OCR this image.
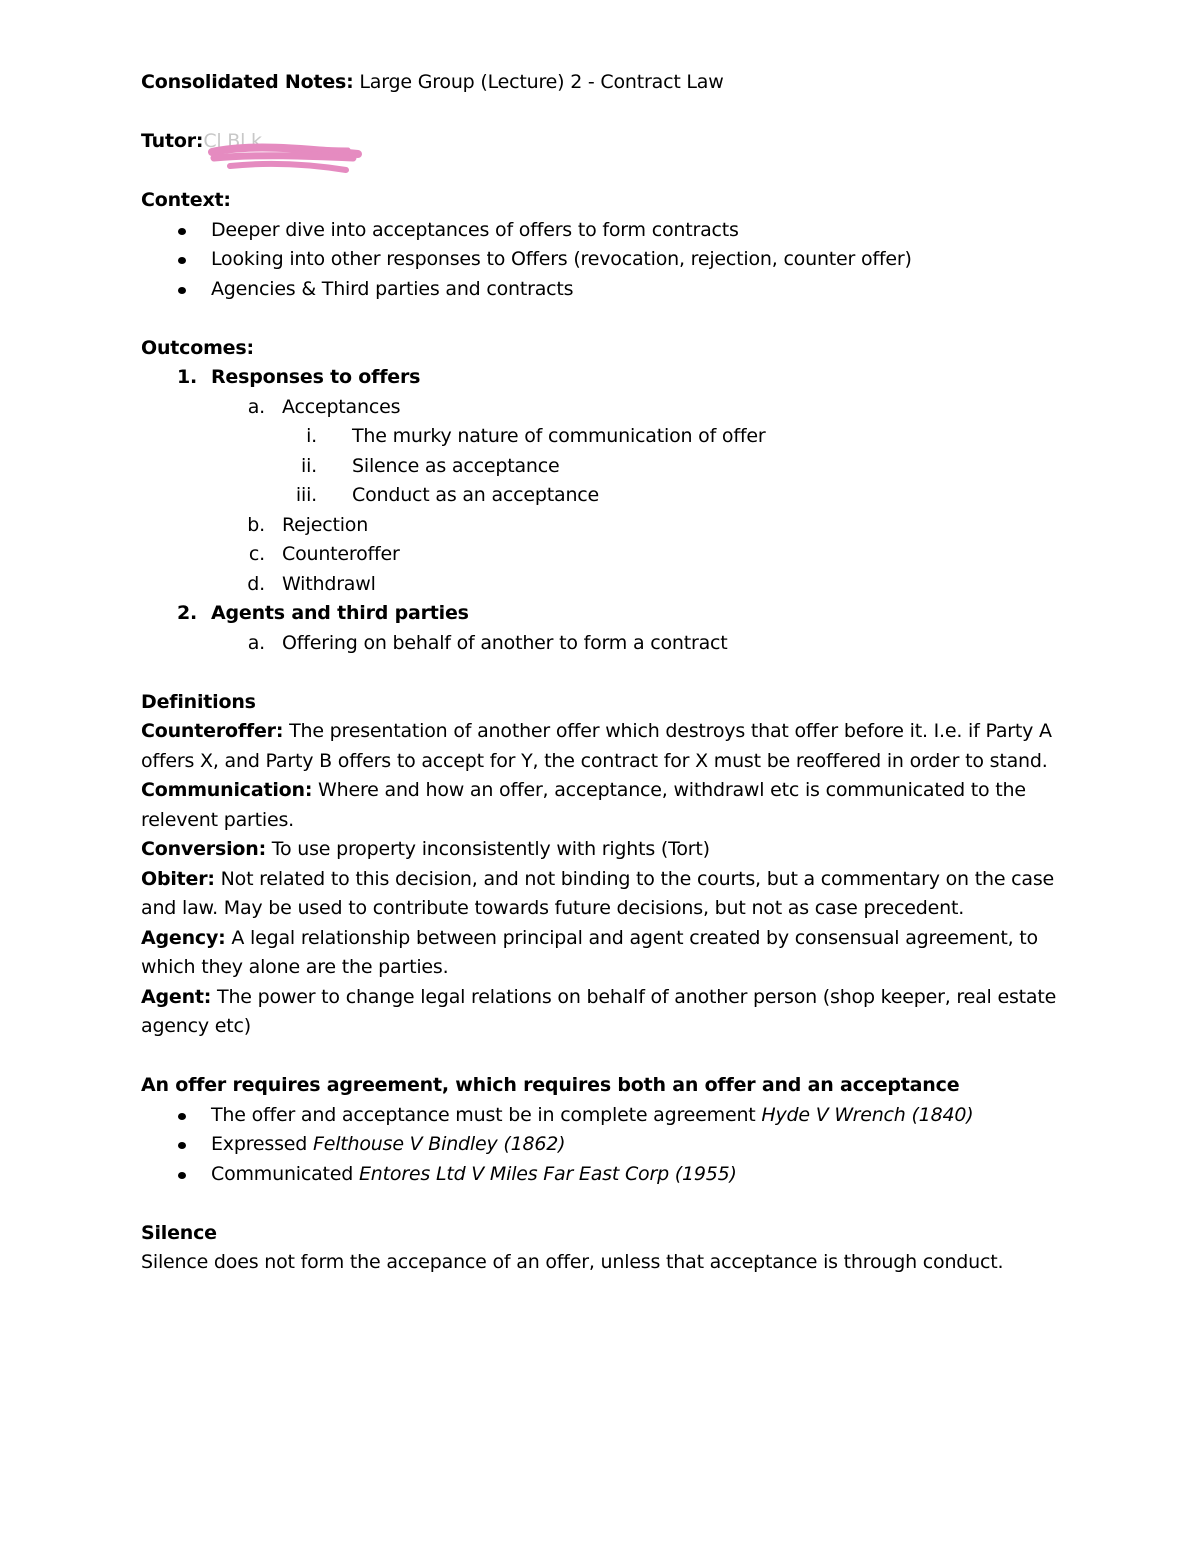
Consolidated Notes: Large Group (Lecture) 2 - Contract Law
Tutor:Cl Bl k
Context:
Deeper dive into acceptances of offers to form contracts
Looking into other responses to Offers (revocation, rejection, counter offer)
Agencies & Third parties and contracts
Outcomes:
1. Responses to offers
a. Acceptances
i. The murky nature of communication of offer
ii. Silence as acceptance
iii. Conduct as an acceptance
b. Rejection
c. Counteroffer
d. Withdrawl
2. Agents and third parties
a. Offering on behalf of another to form a contract
Definitions
Counteroffer: The presentation of another offer which destroys that offer before it. I.e. if Party A offers X, and Party B offers to accept for Y, the contract for X must be reoffered in order to stand.
Communication: Where and how an offer, acceptance, withdrawl etc is communicated to the relevent parties.
Conversion: To use property inconsistently with rights (Tort)
Obiter: Not related to this decision, and not binding to the courts, but a commentary on the case and law. May be used to contribute towards future decisions, but not as case precedent.
Agency: A legal relationship between principal and agent created by consensual agreement, to which they alone are the parties.
Agent: The power to change legal relations on behalf of another person (shop keeper, real estate agency etc)
An offer requires agreement, which requires both an offer and an acceptance
The offer and acceptance must be in complete agreement Hyde V Wrench (1840)
Expressed Felthouse V Bindley (1862)
Communicated Entores Ltd V Miles Far East Corp (1955)
Silence
Silence does not form the accepance of an offer, unless that acceptance is through conduct.
